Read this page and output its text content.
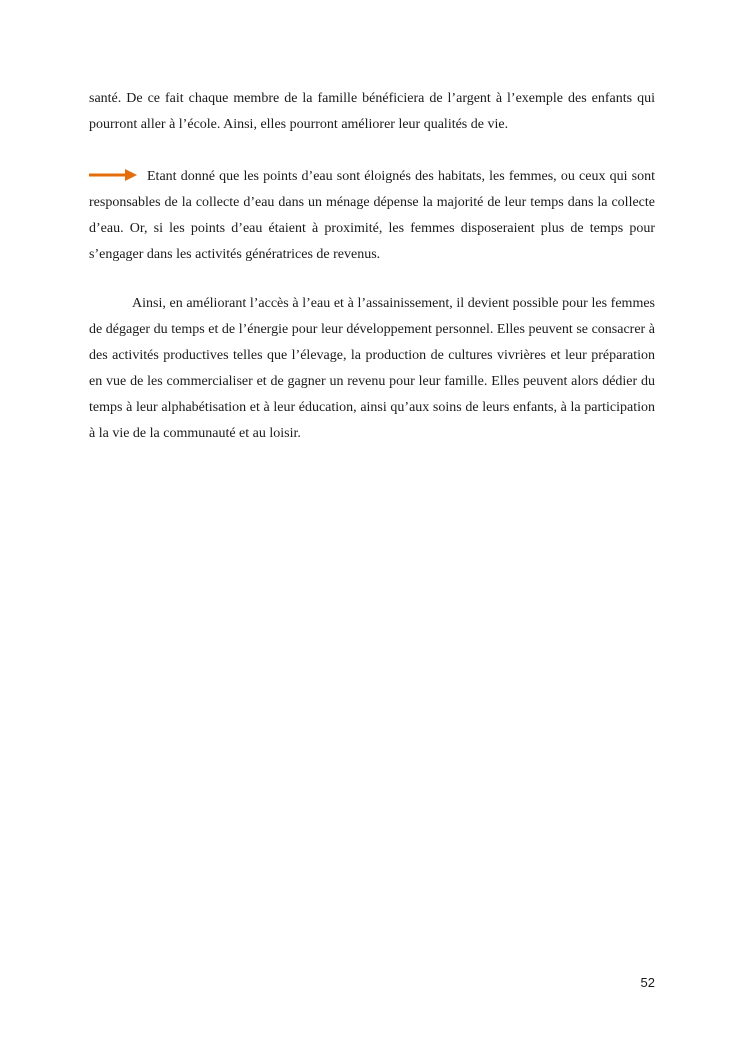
santé. De ce fait chaque membre de la famille bénéficiera de l’argent à l’exemple des enfants qui pourront aller à l’école. Ainsi, elles pourront améliorer leur qualités de vie.

Etant donné que les points d’eau sont éloignés des habitats, les femmes, ou ceux qui sont responsables de la collecte d’eau dans un ménage dépense la majorité de leur temps dans la collecte d’eau. Or, si les points d’eau étaient à proximité, les femmes disposeraient plus de temps pour s’engager dans les activités génératrices de revenus.

Ainsi, en améliorant l’accès à l’eau et à l’assainissement, il devient possible pour les femmes de dégager du temps et de l’énergie pour leur développement personnel. Elles peuvent se consacrer à des activités productives telles que l’élevage, la production de cultures vivrières et leur préparation en vue de les commercialiser et de gagner un revenu pour leur famille. Elles peuvent alors dédier du temps à leur alphabétisation et à leur éducation, ainsi qu’aux soins de leurs enfants, à la participation à la vie de la communauté et au loisir.

52
